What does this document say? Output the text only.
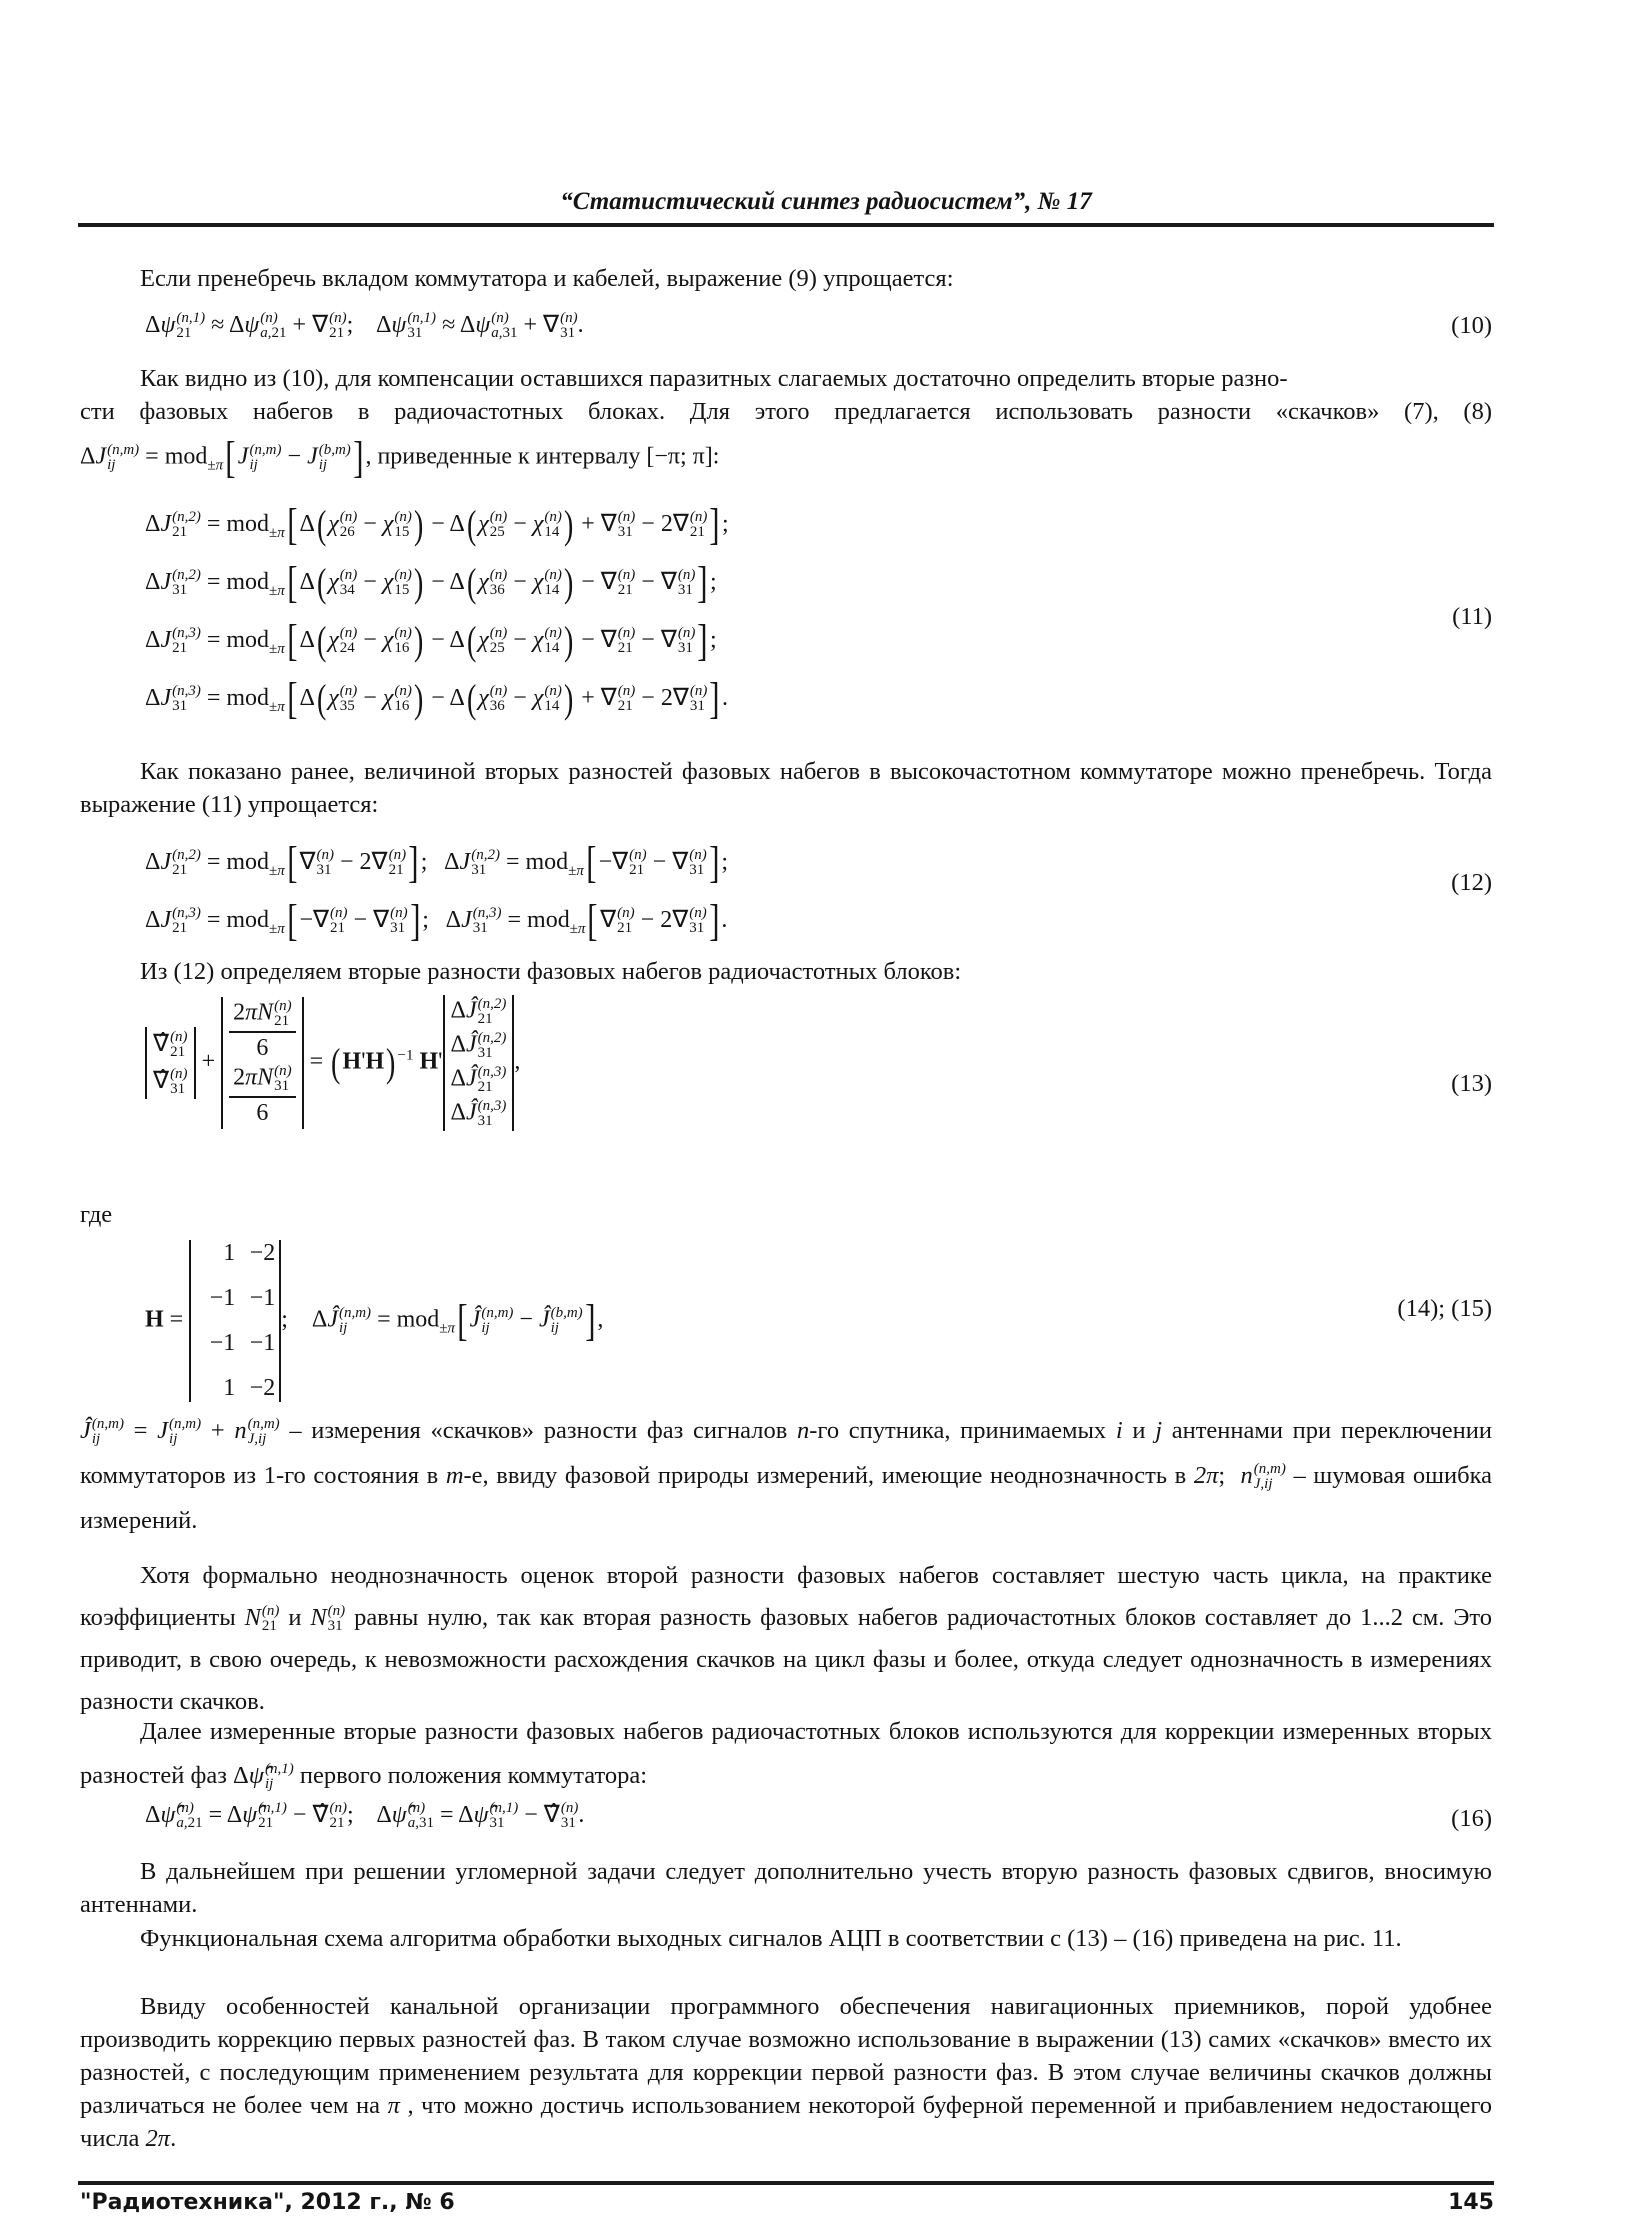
“Статистический синтез радиосистем”, № 17
Если пренебречь вкладом коммутатора и кабелей, выражение (9) упрощается:
Δψ (n,1)
21 ≈ Δψ (n)
a,21 + ∇ (n)
21 ;    Δψ (n,1)
31 ≈ Δψ (n)
a,31 + ∇ (n)
31 .	(10)
Как видно из (10), для компенсации оставшихся паразитных слагаемых достаточно определить вторые разно-
сти фазовых набегов в радиочастотных блоках. Для этого предлагается использовать разности «скачков» (7), (8)
ΔJ (n,m)
ij = mod$_{\pm\pi}$[J (n,m)
ij − J (b,m)
ij ], приведенные к интервалу [−π; π]:
ΔJ (n,2)
21 = mod$_{\pm\pi}$[Δ(χ (n)
26 − χ (n)
15 ) − Δ(χ (n)
25 − χ (n)
14 ) + ∇ (n)
31 − 2∇ (n)
21 ];
ΔJ (n,2)
31 = mod$_{\pm\pi}$[Δ(χ (n)
34 − χ (n)
15 ) − Δ(χ (n)
36 − χ (n)
14 ) − ∇ (n)
21 − ∇ (n)
31 ];
ΔJ (n,3)
21 = mod$_{\pm\pi}$[Δ(χ (n)
24 − χ (n)
16 ) − Δ(χ (n)
25 − χ (n)
14 ) − ∇ (n)
21 − ∇ (n)
31 ];
ΔJ (n,3)
31 = mod$_{\pm\pi}$[Δ(χ (n)
35 − χ (n)
16 ) − Δ(χ (n)
36 − χ (n)
14 ) + ∇ (n)
21 − 2∇ (n)
31 ].
(11)
Как показано ранее, величиной вторых разностей фазовых набегов в высокочастотном коммутаторе можно пренебречь. Тогда выражение (11) упрощается:
ΔJ (n,2)
21 = mod$_{\pm\pi}$[∇ (n)
31 − 2∇ (n)
21 ];   ΔJ (n,2)
31 = mod$_{\pm\pi}$[−∇ (n)
21 − ∇ (n)
31 ];
ΔJ (n,3)
21 = mod$_{\pm\pi}$[−∇ (n)
21 − ∇ (n)
31 ];   ΔJ (n,3)
31 = mod$_{\pm\pi}$[∇ (n)
21 − 2∇ (n)
31 ].
(12)
Из (12) определяем вторые разности фазовых набегов радиочастотных блоков:
∇̂ (n)
21
∇̂ (n)
31
+ 2πN (n)
21
6
2πN (n)
31
6
= (H'H) $^{-1}$ H'
ΔĴ (n,2)
21
ΔĴ (n,2)
31
ΔĴ (n,3)
21
ΔĴ (n,3)
31
,
(13)
где
H =
1 −2
−1 −1
−1 −1
1 −2
;    ΔĴ (n,m)
ij = mod$_{\pm\pi}$[Ĵ (n,m)
ij − Ĵ (b,m)
ij ],	(14); (15)
Ĵ (n,m)
ij = J (n,m)
ij + n (n,m)
J,ij – измерения «скачков» разности фаз сигналов n-го спутника, принимаемых i и j антеннами при переключении коммутаторов из 1-го состояния в m-е, ввиду фазовой природы измерений, имеющие неоднозначность в 2π;  n (n,m)
J,ij – шумовая ошибка измерений.
Хотя формально неоднозначность оценок второй разности фазовых набегов составляет шестую часть цикла, на практике коэффициенты N (n)
21 и N (n)
31 равны нулю, так как вторая разность фазовых набегов радиочастотных блоков составляет до 1...2 см. Это приводит, в свою очередь, к невозможности расхождения скачков на цикл фазы и более, откуда следует однозначность в измерениях разности скачков.
Далее измеренные вторые разности фазовых набегов радиочастотных блоков используются для коррекции измеренных вторых разностей фаз Δψ̂ (n,1)
ij	первого положения коммутатора:
Δψ̂ (n)
a,21 = Δψ̂ (n,1)
21 − ∇̂ (n)
21 ;    Δψ̂ (n)
a,31 = Δψ̂ (n,1)
31 − ∇̂ (n)
31 .	(16)
В дальнейшем при решении угломерной задачи следует дополнительно учесть вторую разность фазовых сдвигов, вносимую антеннами.
Функциональная схема алгоритма обработки выходных сигналов АЦП в соответствии с (13) – (16) приведена на рис. 11.
Ввиду особенностей канальной организации программного обеспечения навигационных приемников, порой удобнее производить коррекцию первых разностей фаз. В таком случае возможно использование в выражении (13) самих «скачков» вместо их разностей, с последующим применением результата для коррекции первой разности фаз. В этом случае величины скачков должны различаться не более чем на π , что можно достичь использованием некоторой буферной переменной и прибавлением недостающего числа 2π.
"Радиотехника", 2012 г., № 6	145
